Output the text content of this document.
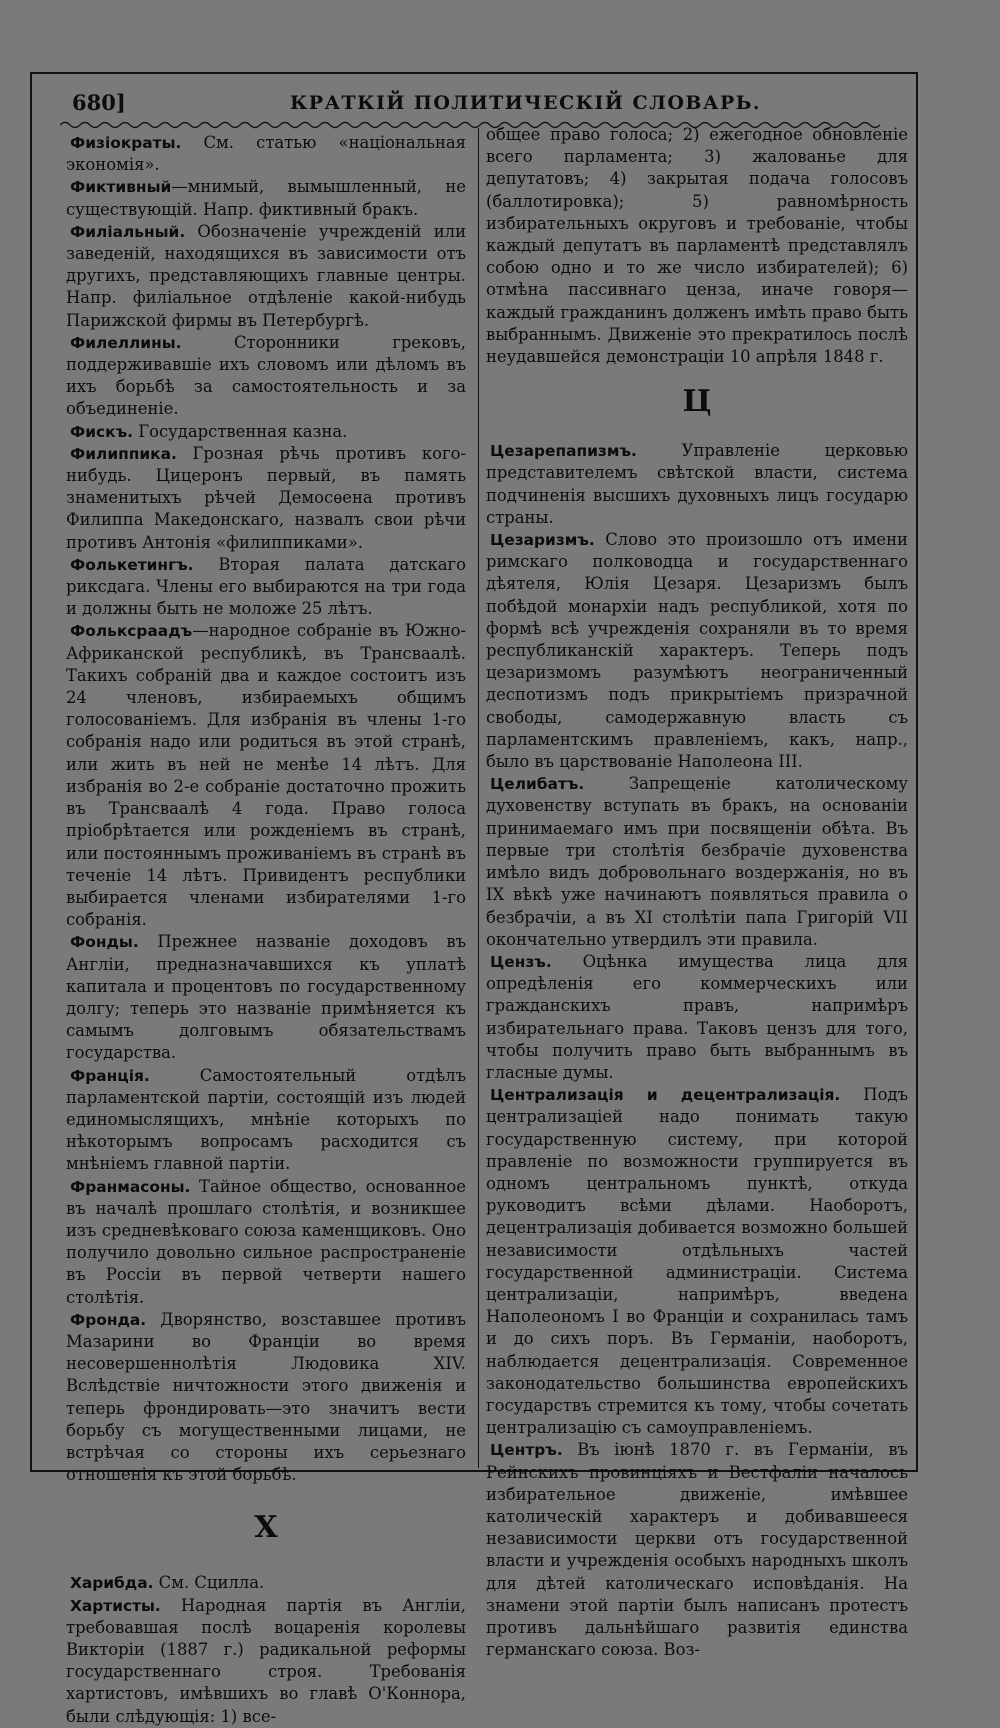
680]	КРАТКІЙ ПОЛИТИЧЕСКІЙ СЛОВАРЬ.
Физіократы. См. статью «національная экономія».
Фиктивный—мнимый, вымышленный, не существующій. Напр. фиктивный бракъ.
Филіальный. Обозначеніе учрежденій или заведеній, находящихся въ зависимости отъ другихъ, представляющихъ главные центры. Напр. филіальное отдѣленіе какой-нибудь Парижской фирмы въ Петербургѣ.
Филеллины. Сторонники грековъ, поддерживавшіе ихъ словомъ или дѣломъ въ ихъ борьбѣ за самостоятельность и за объединеніе.
Фискъ. Государственная казна.
Филиппика. Грозная рѣчь противъ кого-нибудь. Цицеронъ первый, въ память знаменитыхъ рѣчей Демосѳена противъ Филиппа Македонскаго, назвалъ свои рѣчи противъ Антонія «филиппиками».
Фолькетингъ. Вторая палата датскаго риксдага. Члены его выбираются на три года и должны быть не моложе 25 лѣтъ.
Фольксраадъ—народное собраніе въ Южно-Африканской республикѣ, въ Трансваалѣ. Такихъ собраній два и каждое состоитъ изъ 24 членовъ, избираемыхъ общимъ голосованіемъ. Для избранія въ члены 1-го собранія надо или родиться въ этой странѣ, или жить въ ней не менѣе 14 лѣтъ. Для избранія во 2-е собраніе достаточно прожить въ Трансваалѣ 4 года. Право голоса пріобрѣтается или рожденіемъ въ странѣ, или постояннымъ проживаніемъ въ странѣ въ теченіе 14 лѣтъ. Привидентъ республики выбирается членами избирателями 1-го собранія.
Фонды. Прежнее названіе доходовъ въ Англіи, предназначавшихся къ уплатѣ капитала и процентовъ по государственному долгу; теперь это названіе примѣняется къ самымъ долговымъ обязательствамъ государства.
Франція. Самостоятельный отдѣлъ парламентской партіи, состоящій изъ людей единомыслящихъ, мнѣніе которыхъ по нѣкоторымъ вопросамъ расходится съ мнѣніемъ главной партіи.
Франмасоны. Тайное общество, основанное въ началѣ прошлаго столѣтія, и возникшее изъ средневѣковаго союза каменщиковъ. Оно получило довольно сильное распространеніе въ Россіи въ первой четверти нашего столѣтія.
Фронда. Дворянство, возставшее противъ Мазарини во Франціи во время несовершеннолѣтія Людовика XIV. Вслѣдствіе ничтожности этого движенія и теперь фрондировать—это значитъ вести борьбу съ могущественными лицами, не встрѣчая со стороны ихъ серьезнаго отношенія къ этой борьбѣ.
Х
Харибда. См. Сцилла.
Хартисты. Народная партія въ Англіи, требовавшая послѣ воцаренія королевы Викторіи (1887 г.) радикальной реформы государственнаго строя. Требованія хартистовъ, имѣвшихъ во главѣ О'Коннора, были слѣдующія: 1) все-
общее право голоса; 2) ежегодное обновленіе всего парламента; 3) жалованье для депутатовъ; 4) закрытая подача голосовъ (баллотировка); 5) равномѣрность избирательныхъ округовъ и требованіе, чтобы каждый депутатъ въ парламентѣ представлялъ собою одно и то же число избирателей); 6) отмѣна пассивнаго ценза, иначе говоря—каждый гражданинъ долженъ имѣть право быть выбраннымъ. Движеніе это прекратилось послѣ неудавшейся демонстраціи 10 апрѣля 1848 г.
Ц
Цезарепапизмъ. Управленіе церковью представителемъ свѣтской власти, система подчиненія высшихъ духовныхъ лицъ государю страны.
Цезаризмъ. Слово это произошло отъ имени римскаго полководца и государственнаго дѣятеля, Юлія Цезаря. Цезаризмъ былъ побѣдой монархіи надъ республикой, хотя по формѣ всѣ учрежденія сохраняли въ то время республиканскій характеръ. Теперь подъ цезаризмомъ разумѣютъ неограниченный деспотизмъ подъ прикрытіемъ призрачной свободы, самодержавную власть съ парламентскимъ правленіемъ, какъ, напр., было въ царствованіе Наполеона III.
Целибатъ. Запрещеніе католическому духовенству вступать въ бракъ, на основаніи принимаемаго имъ при посвященіи обѣта. Въ первые три столѣтія безбрачіе духовенства имѣло видъ добровольнаго воздержанія, но въ IX вѣкѣ уже начинаютъ появляться правила о безбрачіи, а въ XI столѣтіи папа Григорій VII окончательно утвердилъ эти правила.
Цензъ. Оцѣнка имущества лица для опредѣленія его коммерческихъ или гражданскихъ правъ, напримѣръ избирательнаго права. Таковъ цензъ для того, чтобы получить право быть выбраннымъ въ гласные думы.
Централизація и децентрализація. Подъ централизаціей надо понимать такую государственную систему, при которой правленіе по возможности группируется въ одномъ центральномъ пунктѣ, откуда руководитъ всѣми дѣлами. Наоборотъ, децентрализація добивается возможно большей независимости отдѣльныхъ частей государственной администраціи. Система централизаціи, напримѣръ, введена Наполеономъ I во Франціи и сохранилась тамъ и до сихъ поръ. Въ Германіи, наоборотъ, наблюдается децентрализація. Современное законодательство большинства европейскихъ государствъ стремится къ тому, чтобы сочетать централизацію съ самоуправленіемъ.
Центръ. Въ іюнѣ 1870 г. въ Германіи, въ Рейнскихъ провинціяхъ и Вестфаліи началось избирательное движеніе, имѣвшее католическій характеръ и добивавшееся независимости церкви отъ государственной власти и учрежденія особыхъ народныхъ школъ для дѣтей католическаго исповѣданія. На знамени этой партіи былъ написанъ протестъ противъ дальнѣйшаго развитія единства германскаго союза. Воз-
